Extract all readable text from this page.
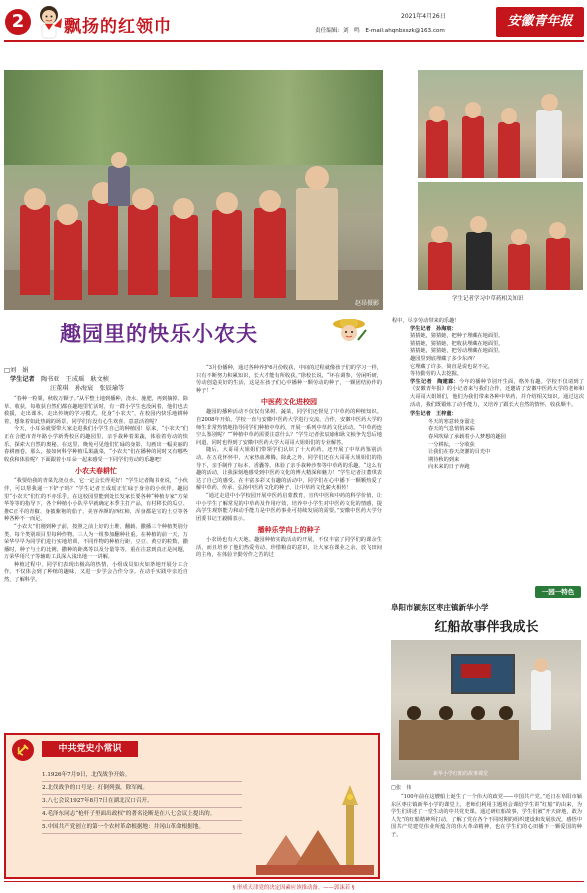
2	飘扬的红领巾
2021年4月26日
责任编辑：刘　鸣　E-mail:ahqnbxszk@163.com
安徽青年报
赵昂摄影
学生记者学习中草药相关知识
趣园里的快乐小农夫
□刘　娟
学生记者　 陶书亚　王成瑶　耿文桢
汪董琪　孙海宸　张辰瑜等

“春种一粒粟，秋收万颗子。”从平整土地到播种，浇水、施肥，再到摘掉、除草、收获，每收获自然们都在趣地里忙活时，有一群小学生也没闲着，他们也去救援，走出课本，走出传统的学习模式，化身“小农夫”，在校园内快乐地耕种着，想象着如此热阔的场景，同学们有没有心生欢喜、意意活着呢？

今天，小耳朵就要带大家走进我们小学生自己的种植园！原来，“小农夫”们正在合肥市青年路小学新秀校区的趣园里，亲手栽种着果蔬，体验着劳动的快乐，探索大自然的奥秘。在这里，晚免可见他们忙碌的身影，勾画出一幅美丽的春耕画卷。那么，接如何科学种植瓜果蔬菜，“小农夫”们在播种的同时又有哪些收获和体验呢？下面跟着小耳朵一起来感受一下同学们劳动的乐趣吧！

小农夫春耕忙

“我要给我的青菜先浇点水，它一定会长得更好！”学生记者陶书亚说，“小伙伴，可以帮我递一下铲子吗？”学生记者王成瑶正忙碌于身旁的小伙伴。趣园里“小农夫”们忙的不亦乐乎。在这校园里能到处长发家长要各种“种植专家”方荣华等等的指导下，各个种植小小队早早就确定本季主打产品，有村移长的瓜豆、推C正平的青椒、身披紫袍的茄子、美容养颜的西红柿，浑身都是宝的土豆等各种各种不一而足。

“小农夫”们刚到种子前，按照之前上好的土堆，翻载、撒播三个种植类别分类，每个类别项目里每种作物。三人为一组参加翻种社重。在种植的前一天，万荣华早早为同学们进行实地培训，不同作物的种植行距、豆豆、黄豆的粒数，撒播时，种子与土的比例，撒种的距离等以及分量等等，重在注意到真正是问题，万荣华用尺子等辅助工具深入浅出地一一讲解。

种植过程中，同学们表现出极高的热情，小组成员如火如荼地开展分工合作。不仅体会到了种植的趣味，又进一步学会合作分享。在动手实践中亲近自然，了解科学。

“3月份播种，通过各种养护6月份收获，中间的过程就像孩子们的学习一样，只有不断努力积累知识，长大才能有所收获。”徐校长说，“坏在调参，劳闲听研，劳动创造美好的生活，这是在孩子们心中播种一颗劳动的种子，一颗团结协作的种子！”

中医药文化进校园

趣园的播种活动不仅仅有果树、蔬菜，同学们还督见了中草药的种植知识。自2008年开始，学校一直与安徽中医药大学进行交流，合作，安徽中医药大学的师生非常热情地指导同学们种植中草药，开展一系列中草药文化活动。“中草药连空么鉴别呢？”“种植中草药需要注意什么？”学生记者张辰瑜和耿文桢争先恐后地问道，同时也得到了安徽中医药大学大哥哥大姐姐们的专业解答。

随后，大哥哥大姐姐们带领学们认识了十大药药。还开展了中草药鉴别活动。在五花怀怀中，大家热血沸腾。除此之外，同学们还在大哥哥大姐姐们的指导下，亲手制作了标本、香囊等。体验了亲手栽种沙参等中草药的乐趣。“这么有趣的活动，让我深刻地感受到中医药文化的博大精深和魅力！”学生记者汪董琪表达了自己的感受。在丰富多彩又有趣的活动中，同学们在心中播下一颗颗热爱了解中草药、传承、弘扬中医药文化的种子，让中草药文化薪火相传！

“通过走进中小学校园开展中医药启蒙教育，宣传中医和中药的科学价值，让中小学生了解常见的中草药及作用疗效，培养中小学生对中医药文化的情感，提高学生观察能力和动手能力是中医药事业可持续发展的需要。”安徽中医药大学分团委书记王毅腾表示。

播种乐学向上的种子

小农场也有大天地。趣园种植实践活动的开展，不仅丰富了同学们的课余生活，而且培养了他们热爱劳动、珍惜粮食的意识，让大家在课业之余，放飞田间的主角，在体验辛勤劳作之苦的过

程中，尽享劳动带来的乐趣！
学生记者　孙海宸：
猜猜她，猜猜她，把种子埋藏在地面里。
猜猜她，猜猜她，把收获埋藏在地面里。
猜猜她，猜猜她，把劳动埋藏在地面里。
趣园里到底埋藏了多少东西？
它埋藏了许多，简直是说也说不完，
等待勤劳的人去挖掘。
学生记者　陶建霖：今年的播种节别开生面，格外有趣。学校不仅请到了《安徽青年报》的小记者来与我们合作，还邀请了安徽中医药大学的老师和大哥哥大姐姐们，他们为我们带来各种中草药，并介绍相关知识。通过这次活动，我们既锻炼了动手能力，又培养了跟长大自然的情怀，收获颇丰。
学生记者　王梓童：
冬天的寒意转身溜走
春天的气息悄悄来临
春风吹绿了承载着小人梦想的趣园
一分耕耘，一分收获
让我们在春天浇灌的目光中
期待秋的到来
向未来的日子奔跑
一园一特色
阜阳市颍东区枣庄镇新华小学
红船故事伴我成长
新华小学红船的故事课堂
□张　伟
“100年前在这艘船上诞生了一个伟大的政党——中国共产党。”近日在阜阳市颍东区枣庄镇新华小学的课堂上，老师们利用主题班会课给学生讲“红船”的由来，为学生们讲述了一堂生动的中共党史课。通过研红船故事，学生们被“开天辟地，敢为人先”的红船精神所打动，了解了党在各个不同时期的组织建设和发展状况，感悟中国共产党建党伟业所蕴含的伟大革命精神，也在学生们的心田播下一颗爱国的种子。
中共党史小常识
1.1926年7月9日，北伐战争开始。
2.北伐战争的口号是：打倒列强，除军阀。
3.八七会议1927年8月7日在湖北汉口召开。
4.毛泽东同志“枪杆子里面出政权”的著名论断是在八七会议上提出的。
5.中国共产党创立的第一个农村革命根据地：井冈山革命根据地。
§ 形成天津党的决定因素应该推动备。——郭沫若 §
